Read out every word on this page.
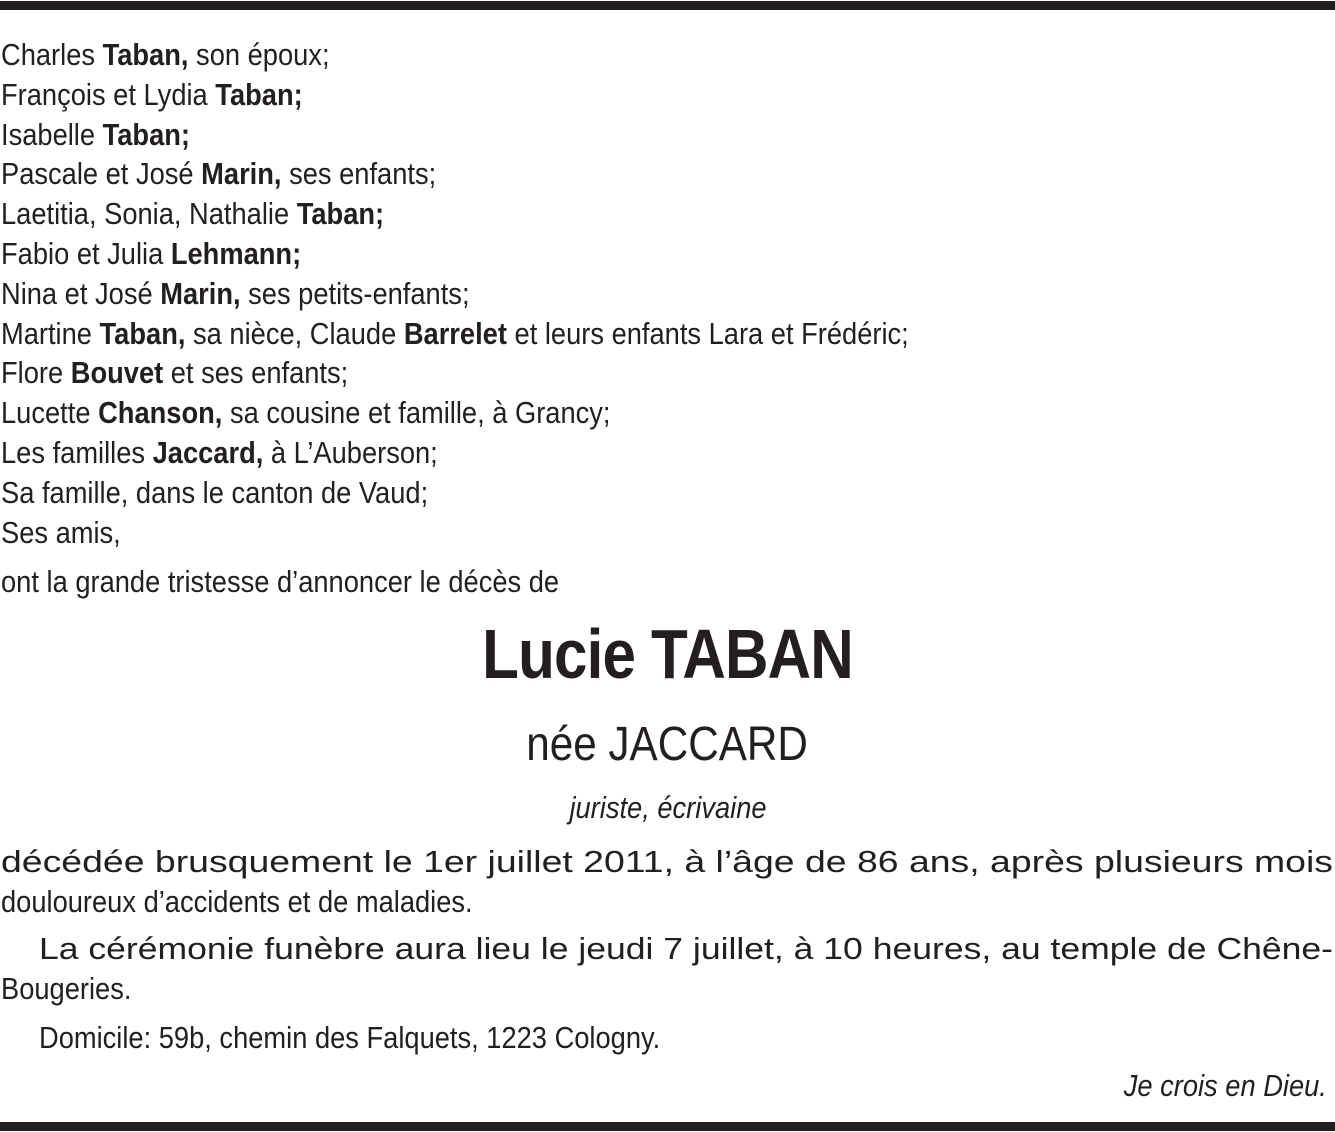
Charles Taban, son époux;
François et Lydia Taban;
Isabelle Taban;
Pascale et José Marin, ses enfants;
Laetitia, Sonia, Nathalie Taban;
Fabio et Julia Lehmann;
Nina et José Marin, ses petits-enfants;
Martine Taban, sa nièce, Claude Barrelet et leurs enfants Lara et Frédéric;
Flore Bouvet et ses enfants;
Lucette Chanson, sa cousine et famille, à Grancy;
Les familles Jaccard, à L’Auberson;
Sa famille, dans le canton de Vaud;
Ses amis,
ont la grande tristesse d’annoncer le décès de
Lucie TABAN
née JACCARD
juriste, écrivaine
décédée brusquement le 1er juillet 2011, à l’âge de 86 ans, après plusieurs mois
douloureux d’accidents et de maladies.
La cérémonie funèbre aura lieu le jeudi 7 juillet, à 10 heures, au temple de Chêne-
Bougeries.
Domicile: 59b, chemin des Falquets, 1223 Cologny.
Je crois en Dieu.
